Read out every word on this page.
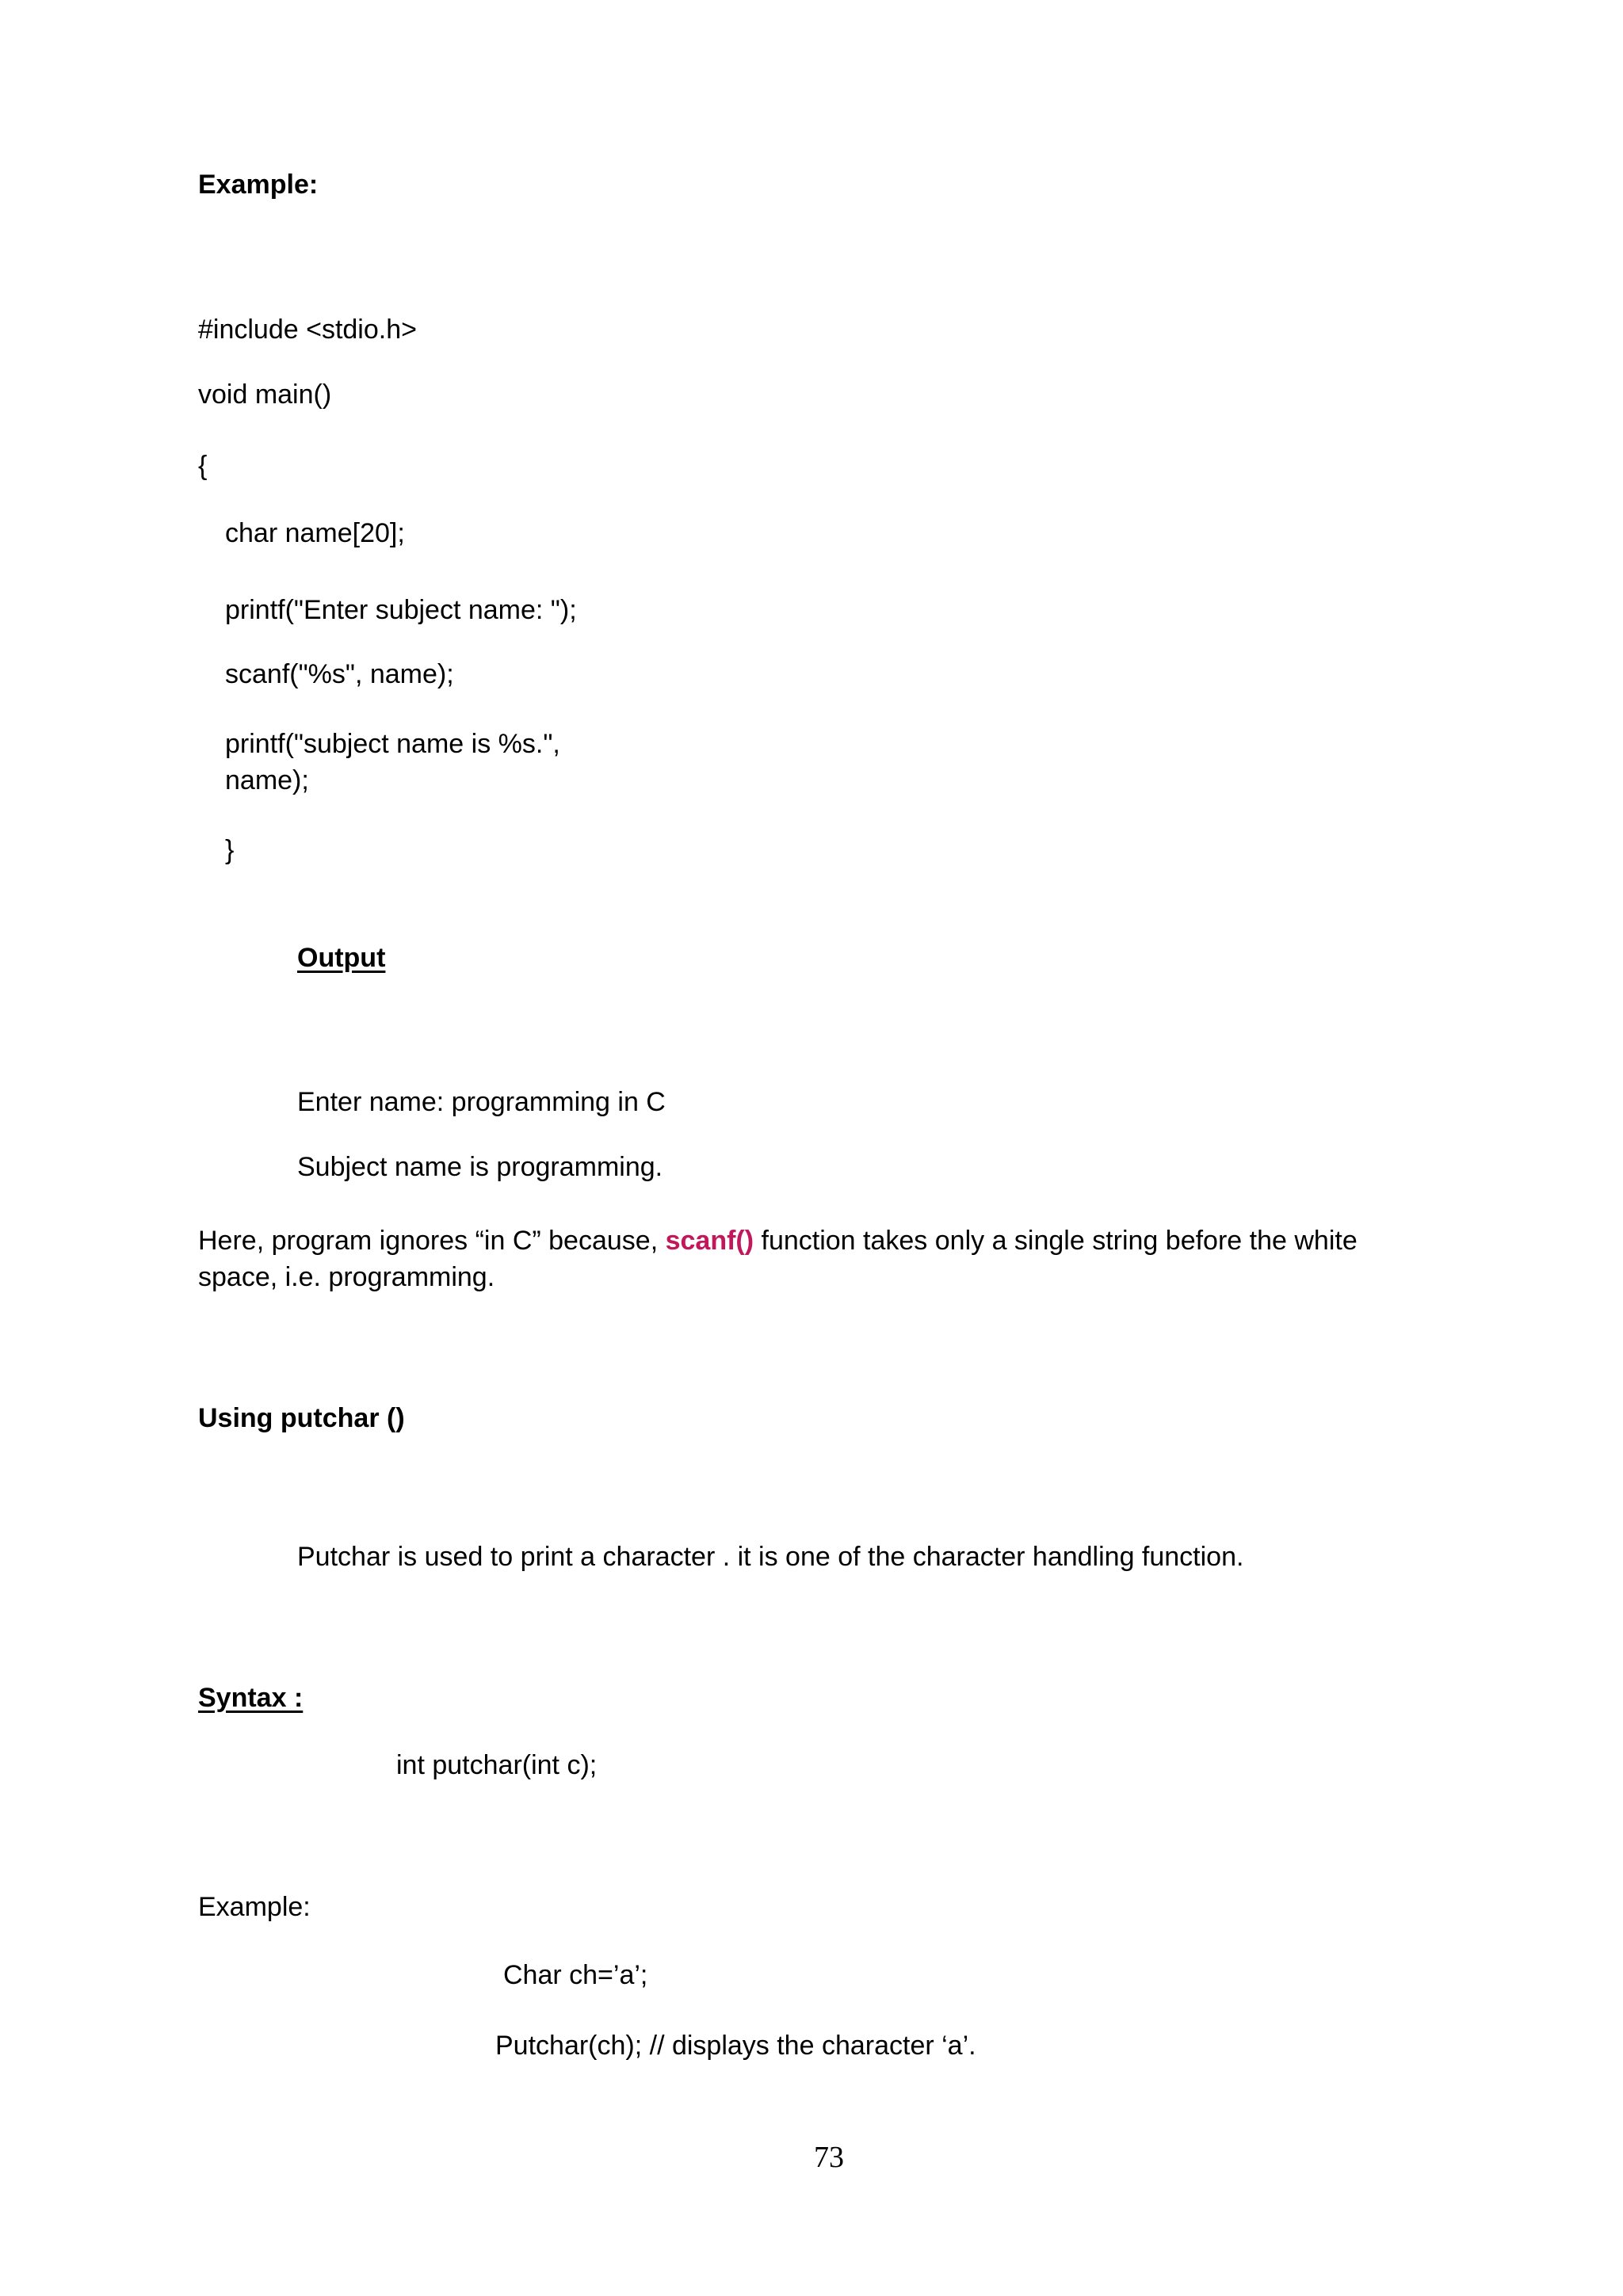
Example:
#include <stdio.h>
void main()
{
char name[20];
printf("Enter subject name: ");
scanf("%s", name);
printf("subject name is %s.",
name);
}
Output
Enter name: programming in C
Subject name is programming.
Here, program ignores “in C” because, scanf() function takes only a single string before the white
space, i.e. programming.
Using putchar ()
Putchar is used to print a character . it is one of the character handling function.
Syntax :
int putchar(int c);
Example:
Char ch=’a’;
Putchar(ch); // displays the character ‘a’.
73
